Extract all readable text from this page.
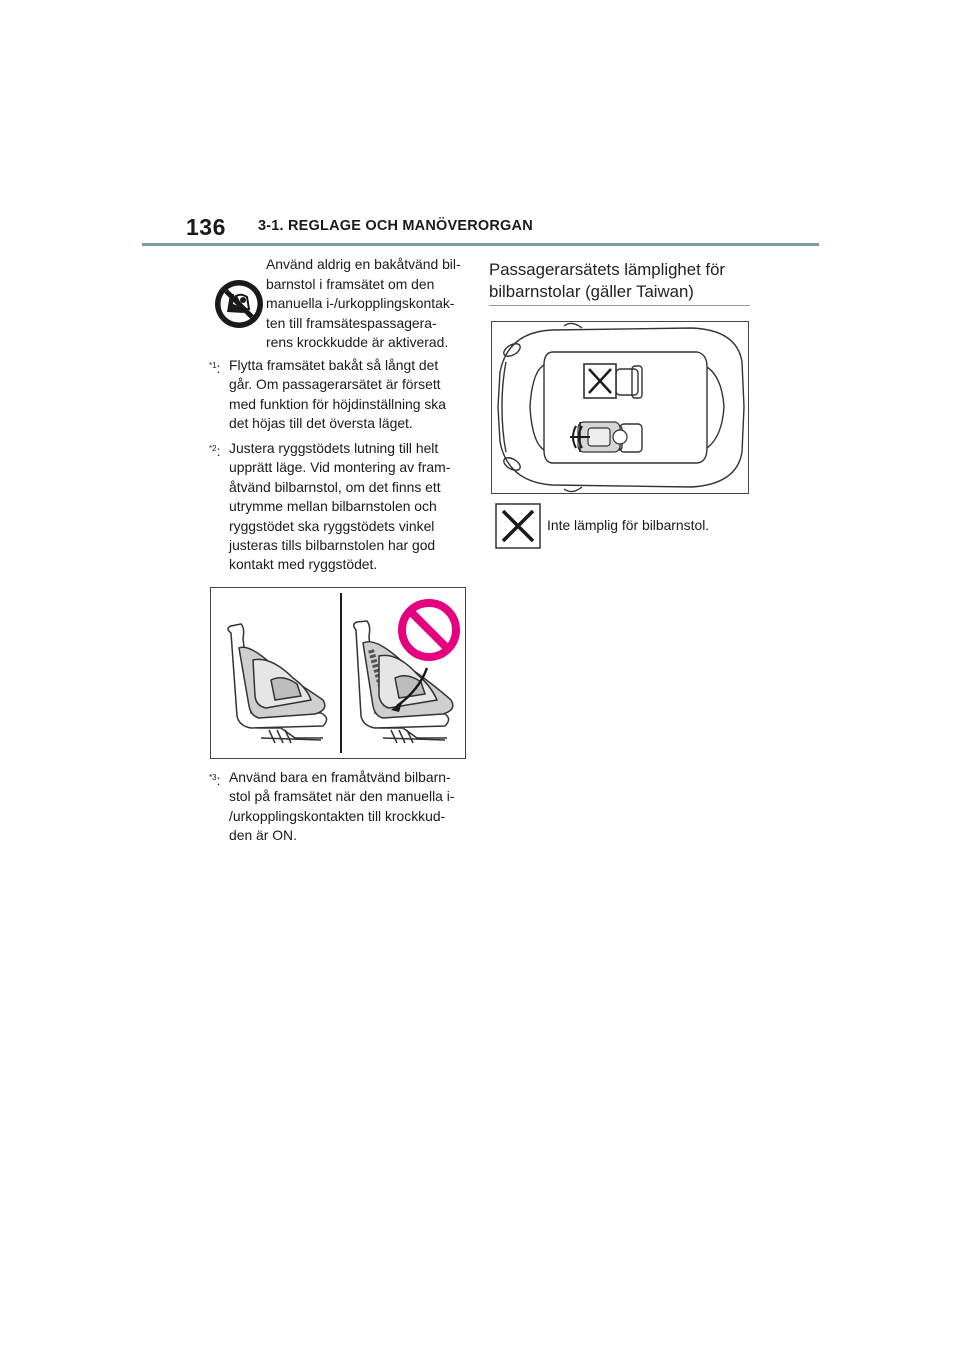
136 3-1. REGLAGE OCH MANÖVERORGAN
Använd aldrig en bakåtvänd bil-
barnstol i framsätet om den
manuella i-/urkopplingskontak-
ten till framsätespassagera-
rens krockkudde är aktiverad.
$^{*1}$: Flytta framsätet bakåt så långt det
går. Om passagerarsätet är försett
med funktion för höjdinställning ska
det höjas till det översta läget.
$^{*2}$: Justera ryggstödets lutning till helt
upprätt läge. Vid montering av fram-
åtvänd bilbarnstol, om det finns ett
utrymme mellan bilbarnstolen och
ryggstödet ska ryggstödets vinkel
justeras tills bilbarnstolen har god
kontakt med ryggstödet.
$^{*3}$: Använd bara en framåtvänd bilbarn-
stol på framsätet när den manuella i-
/urkopplingskontakten till krockkud-
den är ON.
Passagerarsätets lämplighet för
bilbarnstolar (gäller Taiwan)
Inte lämplig för bilbarnstol.
